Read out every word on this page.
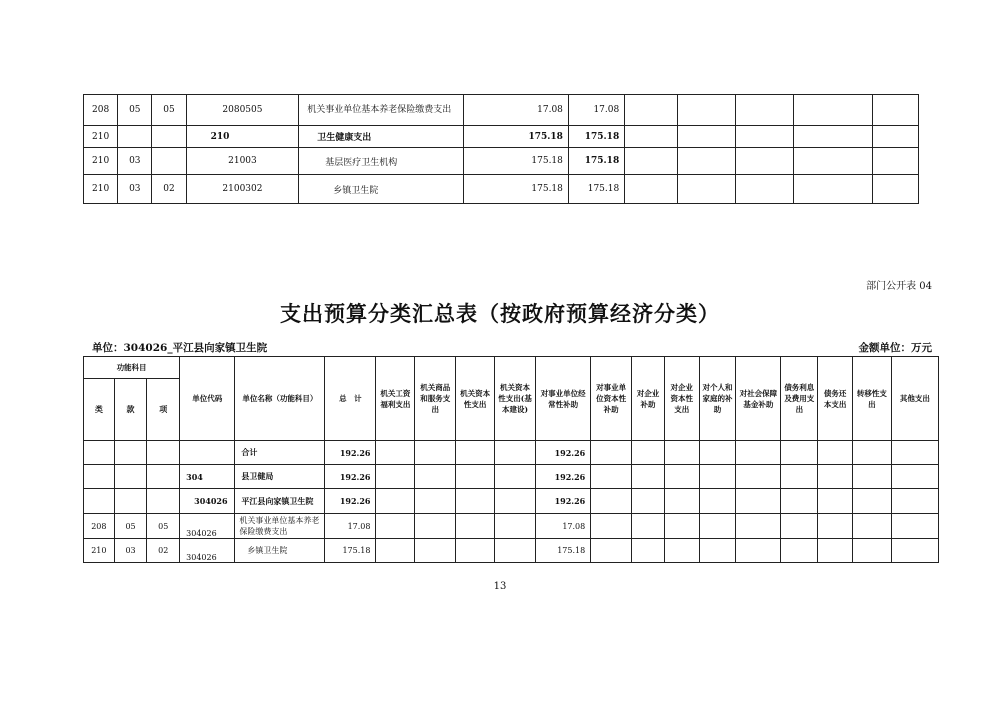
208	05	05	2080505	机关事业单位基本养老保险缴费支出	17.08	17.08					
210			210	卫生健康支出	175.18	175.18					
210	03		21003	基层医疗卫生机构	175.18	175.18					
210	03	02	2100302	乡镇卫生院	175.18	175.18					
部门公开表 04
支出预算分类汇总表（按政府预算经济分类）
单位：304026_平江县向家镇卫生院	金额单位：万元
功能科目			单位代码	单位名称（功能科目）	总　计	机关工资福利支出	机关商品和服务支出	机关资本性支出	机关资本性支出(基本建设)	对事业单位经常性补助	对事业单位资本性补助	对企业补助	对企业资本性支出	对个人和家庭的补助	对社会保障基金补助	债务利息及费用支出	债务还本支出	转移性支出	其他支出
类	款	项																	
				合计	192.26					192.26									
			304	县卫健局	192.26					192.26									
			304026	平江县向家镇卫生院	192.26					192.26									
208	05	05	304026	机关事业单位基本养老保险缴费支出	17.08					17.08									
210	03	02	304026	乡镇卫生院	175.18					175.18									
13
